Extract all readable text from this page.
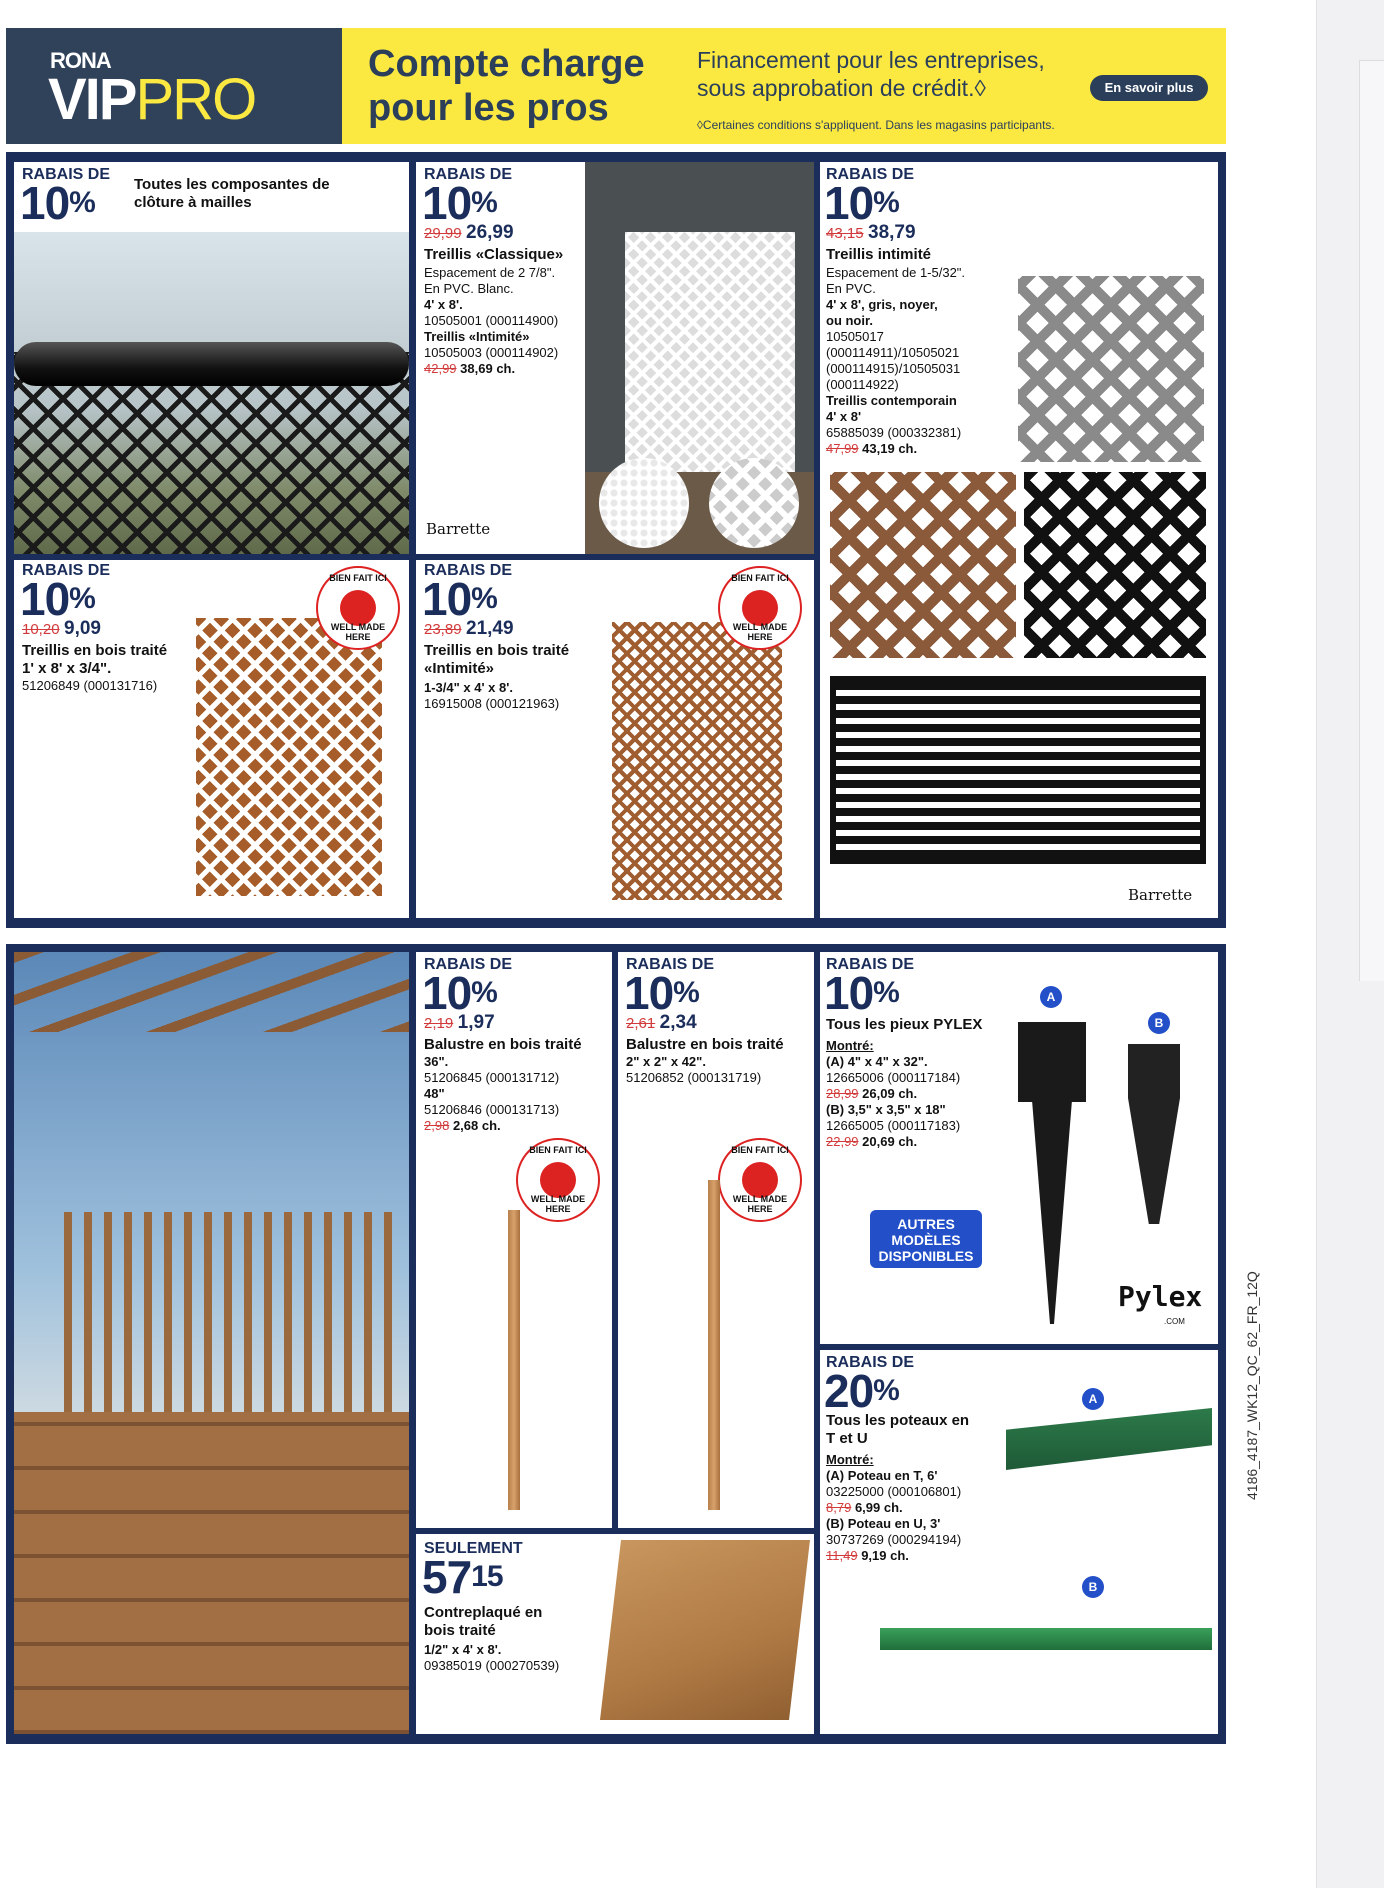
RONA
VIPPRO
Compte charge
pour les pros
Financement pour les entreprises,
sous approbation de crédit.◊
◊Certaines conditions s'appliquent. Dans les magasins participants.
En savoir plus
RABAIS DE
10%
Toutes les composantes de
clôture à mailles
RABAIS DE
10%
29,99 26,99
Treillis «Classique»
Espacement de 2 7/8".
En PVC. Blanc.
4' x 8'.
10505001 (000114900)
Treillis «Intimité»
10505003 (000114902)
42,99 38,69 ch.
Barrette
RABAIS DE
10%
43,15 38,79
Treillis intimité
Espacement de 1-5/32".
En PVC.
4' x 8', gris, noyer,
ou noir.
10505017
(000114911)/10505021
(000114915)/10505031
(000114922)
Treillis contemporain
4' x 8'
65885039 (000332381)
47,99 43,19 ch.
Barrette
RABAIS DE
10%
10,20 9,09
Treillis en bois traité
1' x 8' x 3/4".
51206849 (000131716)
BIEN FAIT ICI
WELL MADE HERE
RABAIS DE
10%
23,89 21,49
Treillis en bois traité
«Intimité»
1-3/4" x 4' x 8'.
16915008 (000121963)
BIEN FAIT ICI
WELL MADE HERE
RABAIS DE
10%
2,19 1,97
Balustre en bois traité
36".
51206845 (000131712)
48"
51206846 (000131713)
2,98 2,68 ch.
BIEN FAIT ICI
WELL MADE HERE
RABAIS DE
10%
2,61 2,34
Balustre en bois traité
2" x 2" x 42".
51206852 (000131719)
BIEN FAIT ICI
WELL MADE HERE
SEULEMENT
$57^{15}$
Contreplaqué en
bois traité
1/2" x 4' x 8'.
09385019 (000270539)
RABAIS DE
10%
Tous les pieux PYLEX
Montré:
(A) 4" x 4" x 32".
12665006 (000117184)
28,99 26,09 ch.
(B) 3,5" x 3,5" x 18"
12665005 (000117183)
22,99 20,69 ch.
A
B
AUTRES MODÈLES DISPONIBLES
Pylex
.COM
RABAIS DE
20%
Tous les poteaux en
T et U
Montré:
(A) Poteau en T, 6'
03225000 (000106801)
8,79 6,99 ch.
(B) Poteau en U, 3'
30737269 (000294194)
11,49 9,19 ch.
A
B
4186_4187_WK12_QC_62_FR_12Q
